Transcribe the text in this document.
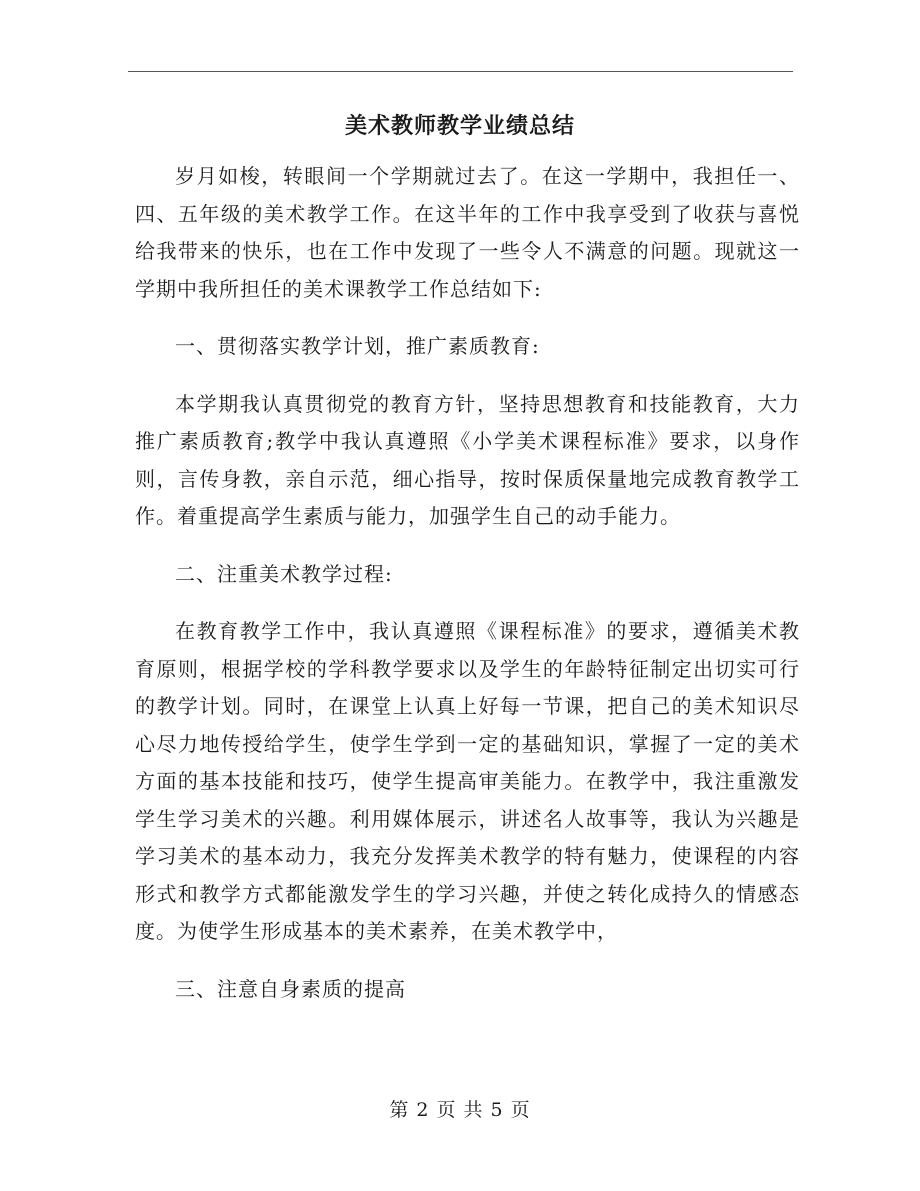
美术教师教学业绩总结

岁月如梭，转眼间一个学期就过去了。在这一学期中，我担任一、四、五年级的美术教学工作。在这半年的工作中我享受到了收获与喜悦给我带来的快乐，也在工作中发现了一些令人不满意的问题。现就这一学期中我所担任的美术课教学工作总结如下:

一、贯彻落实教学计划，推广素质教育:

本学期我认真贯彻党的教育方针，坚持思想教育和技能教育，大力推广素质教育;教学中我认真遵照《小学美术课程标准》要求，以身作则，言传身教，亲自示范，细心指导，按时保质保量地完成教育教学工作。着重提高学生素质与能力，加强学生自己的动手能力。

二、注重美术教学过程:

在教育教学工作中，我认真遵照《课程标准》的要求，遵循美术教育原则，根据学校的学科教学要求以及学生的年龄特征制定出切实可行的教学计划。同时，在课堂上认真上好每一节课，把自己的美术知识尽心尽力地传授给学生，使学生学到一定的基础知识，掌握了一定的美术方面的基本技能和技巧，使学生提高审美能力。在教学中，我注重激发学生学习美术的兴趣。利用媒体展示，讲述名人故事等，我认为兴趣是学习美术的基本动力，我充分发挥美术教学的特有魅力，使课程的内容形式和教学方式都能激发学生的学习兴趣，并使之转化成持久的情感态度。为使学生形成基本的美术素养，在美术教学中，

三、注意自身素质的提高

第 2 页 共 5 页
